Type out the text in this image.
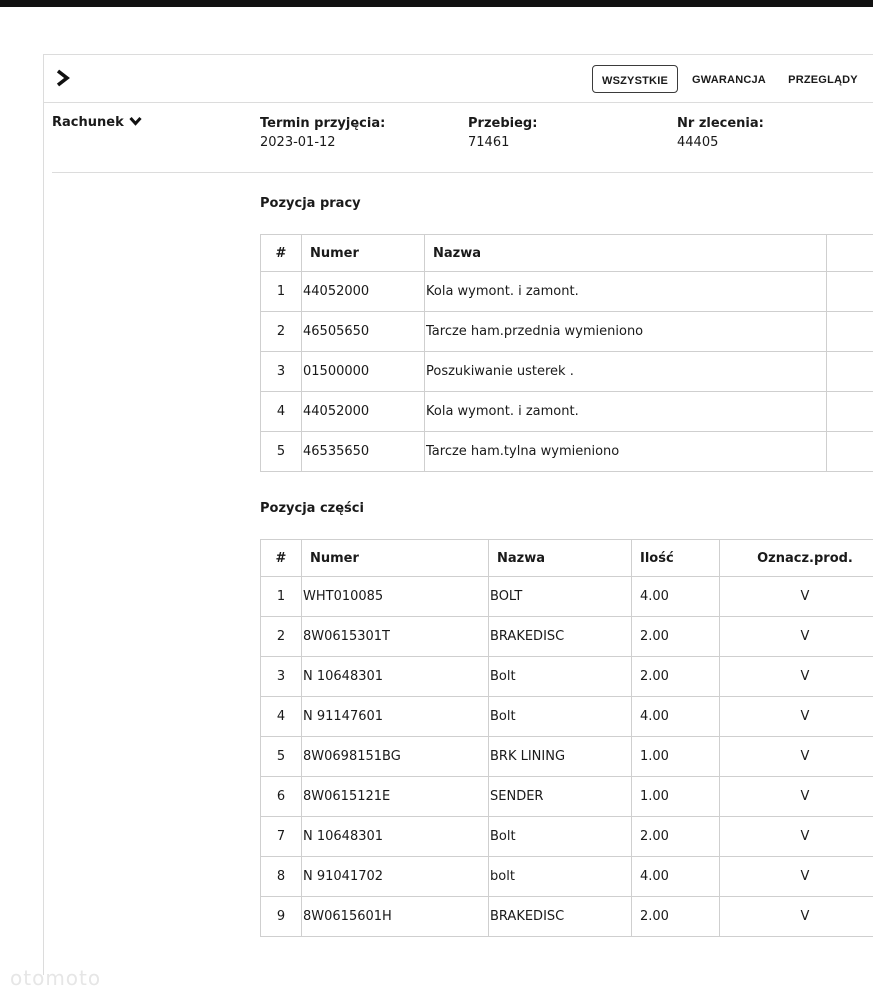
WSZYSTKIE	GWARANCJA	PRZEGLĄDY
Rachunek	Termin przyjęcia:
2023-01-12
Przebieg:
71461
Nr zlecenia:
44405
Pozycja pracy
#	Numer	Nazwa	
1	44052000	Kola wymont. i zamont.	
2	46505650	Tarcze ham.przednia wymieniono	
3	01500000	Poszukiwanie usterek .	
4	44052000	Kola wymont. i zamont.	
5	46535650	Tarcze ham.tylna wymieniono	
Pozycja części
#	Numer	Nazwa	Ilość	Oznacz.prod.
1	WHT010085	BOLT	4.00	V
2	8W0615301T	BRAKEDISC	2.00	V
3	N 10648301	Bolt	2.00	V
4	N 91147601	Bolt	4.00	V
5	8W0698151BG	BRK LINING	1.00	V
6	8W0615121E	SENDER	1.00	V
7	N 10648301	Bolt	2.00	V
8	N 91041702	bolt	4.00	V
9	8W0615601H	BRAKEDISC	2.00	V
otomoto
